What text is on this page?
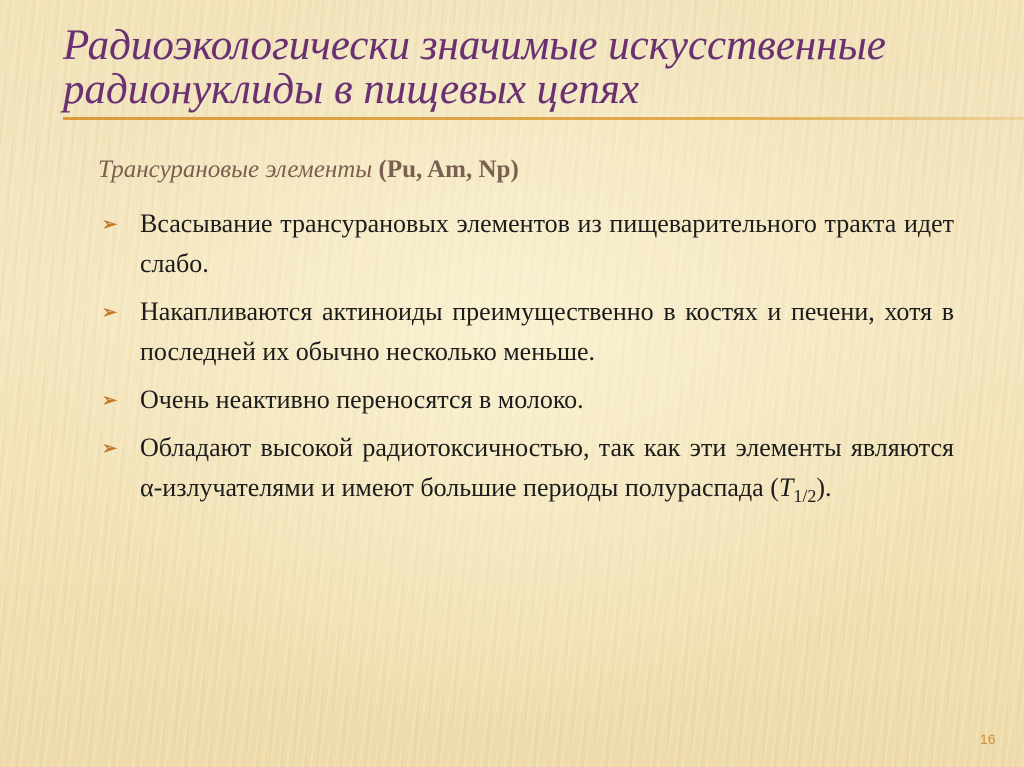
Радиоэкологически значимые искусственные
радионуклиды в пищевых цепях
Трансурановые элементы (Pu, Am, Np)
➢ Всасывание трансурановых элементов из пищеварительного тракта идет слабо.
➢ Накапливаются актиноиды преимущественно в костях и печени, хотя в последней их обычно несколько меньше.
➢ Очень неактивно переносятся в молоко.
➢ Обладают высокой радиотоксичностью, так как эти элементы являются α-излучателями и имеют большие периоды полураспада $(T_{1/2})$.
16
